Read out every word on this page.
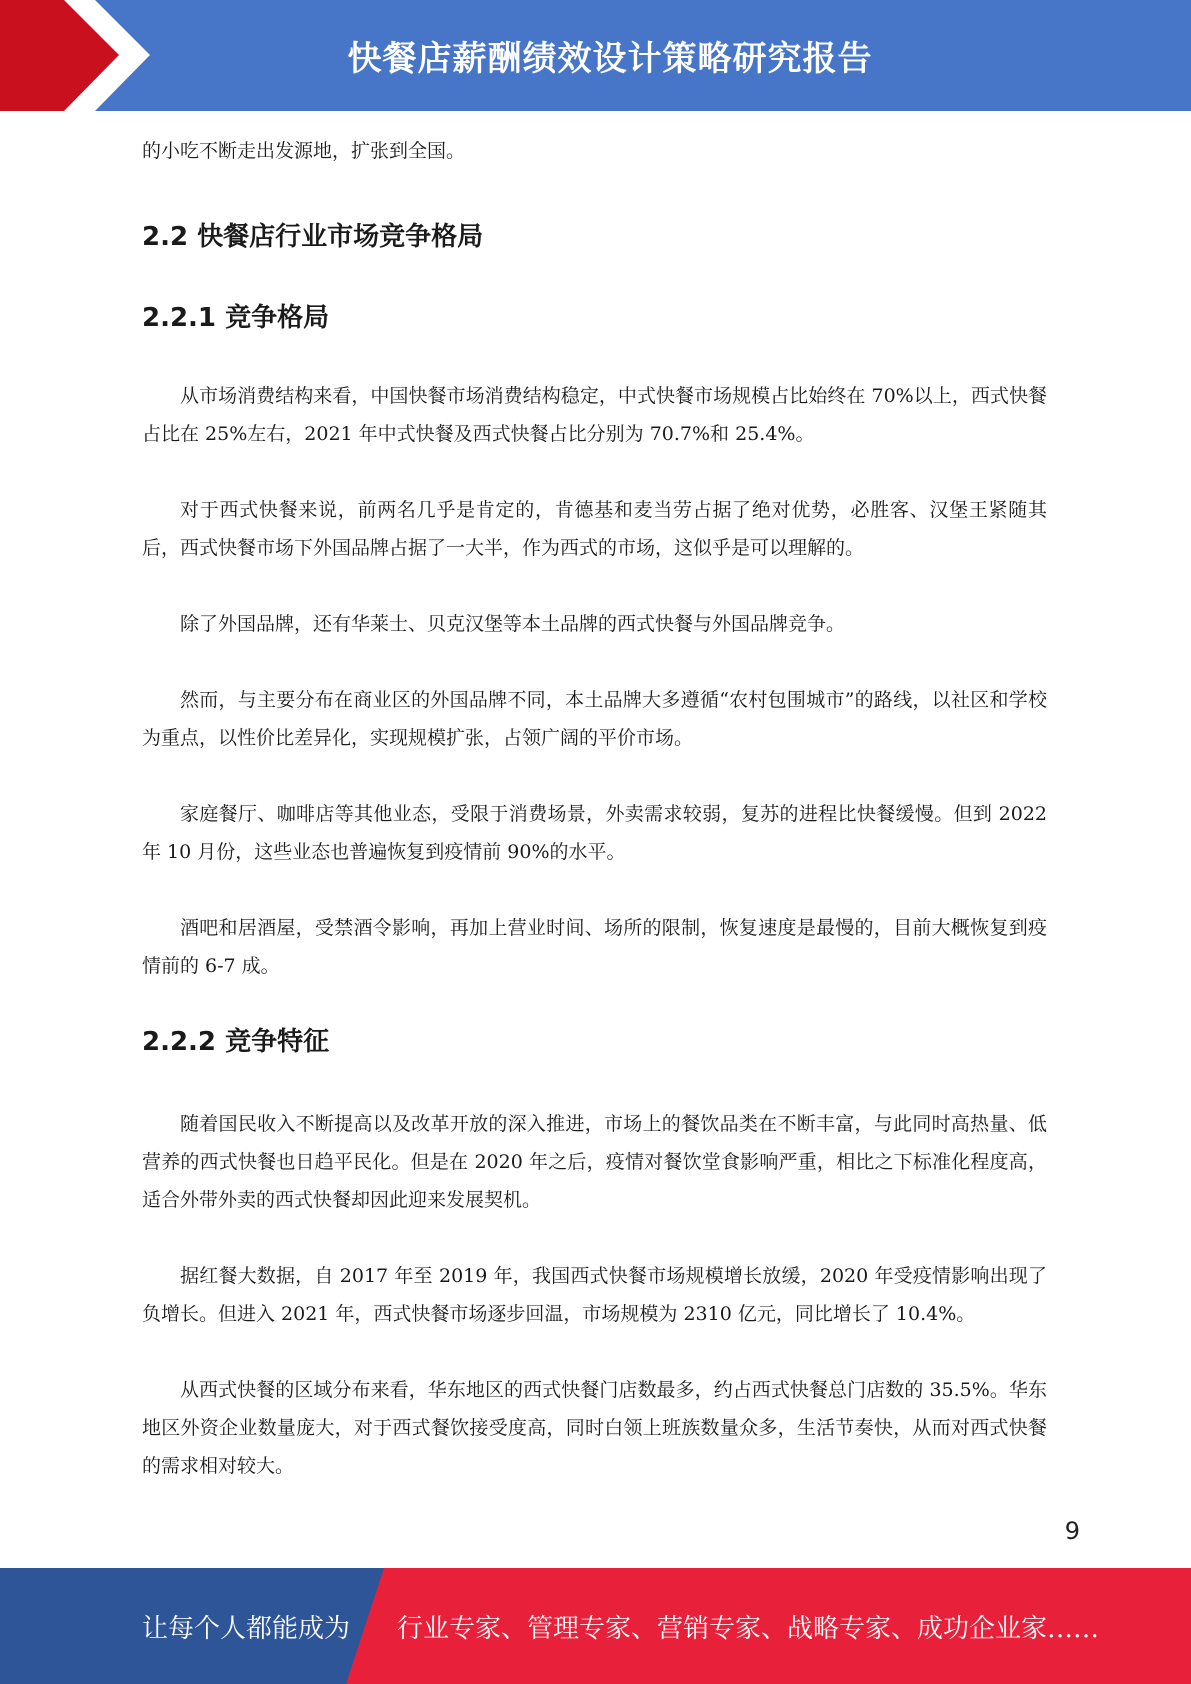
快餐店薪酬绩效设计策略研究报告

的小吃不断走出发源地，扩张到全国。

2.2 快餐店行业市场竞争格局
2.2.1 竞争格局

从市场消费结构来看，中国快餐市场消费结构稳定，中式快餐市场规模占比始终在 70%以上，西式快餐占比在 25%左右，2021 年中式快餐及西式快餐占比分别为 70.7%和 25.4%。

对于西式快餐来说，前两名几乎是肯定的，肯德基和麦当劳占据了绝对优势，必胜客、汉堡王紧随其后，西式快餐市场下外国品牌占据了一大半，作为西式的市场，这似乎是可以理解的。

除了外国品牌，还有华莱士、贝克汉堡等本土品牌的西式快餐与外国品牌竞争。

然而，与主要分布在商业区的外国品牌不同，本土品牌大多遵循“农村包围城市”的路线，以社区和学校为重点，以性价比差异化，实现规模扩张，占领广阔的平价市场。

家庭餐厅、咖啡店等其他业态，受限于消费场景，外卖需求较弱，复苏的进程比快餐缓慢。但到 2022 年 10 月份，这些业态也普遍恢复到疫情前 90%的水平。

酒吧和居酒屋，受禁酒令影响，再加上营业时间、场所的限制，恢复速度是最慢的，目前大概恢复到疫情前的 6-7 成。

2.2.2 竞争特征

随着国民收入不断提高以及改革开放的深入推进，市场上的餐饮品类在不断丰富，与此同时高热量、低营养的西式快餐也日趋平民化。但是在 2020 年之后，疫情对餐饮堂食影响严重，相比之下标准化程度高，适合外带外卖的西式快餐却因此迎来发展契机。

据红餐大数据，自 2017 年至 2019 年，我国西式快餐市场规模增长放缓，2020 年受疫情影响出现了负增长。但进入 2021 年，西式快餐市场逐步回温，市场规模为 2310 亿元，同比增长了 10.4%。

从西式快餐的区域分布来看，华东地区的西式快餐门店数最多，约占西式快餐总门店数的 35.5%。华东地区外资企业数量庞大，对于西式餐饮接受度高，同时白领上班族数量众多，生活节奏快，从而对西式快餐的需求相对较大。

9
让每个人都能成为 行业专家、管理专家、营销专家、战略专家、成功企业家……
